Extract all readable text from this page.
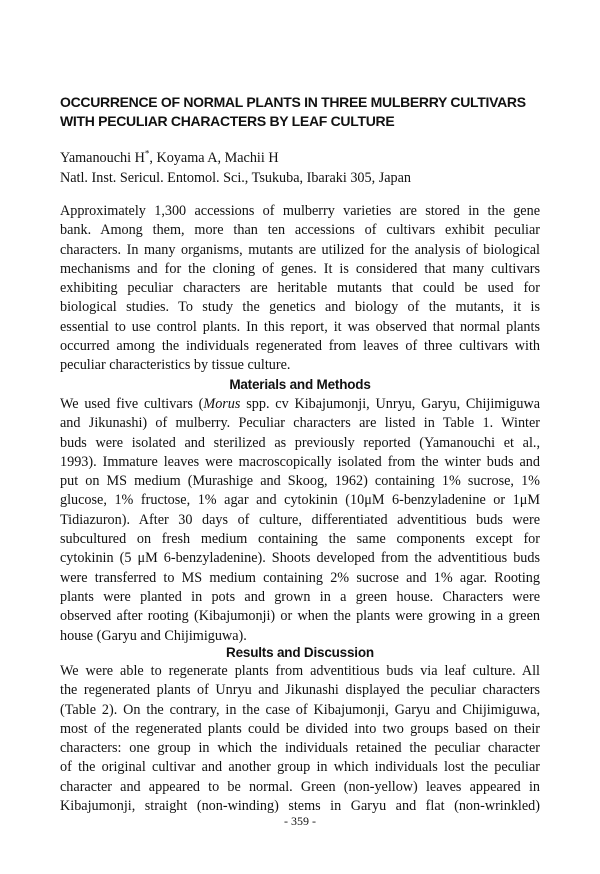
OCCURRENCE OF NORMAL PLANTS IN THREE MULBERRY CULTIVARS
WITH PECULIAR CHARACTERS BY LEAF CULTURE
Yamanouchi H*, Koyama A, Machii H
Natl. Inst. Sericul. Entomol. Sci., Tsukuba, Ibaraki 305, Japan
Approximately 1,300 accessions of mulberry varieties are stored in the gene
bank. Among them, more than ten accessions of cultivars exhibit peculiar
characters. In many organisms, mutants are utilized for the analysis of biological
mechanisms and for the cloning of genes. It is considered that many cultivars
exhibiting peculiar characters are heritable mutants that could be used for
biological studies. To study the genetics and biology of the mutants, it is
essential to use control plants. In this report, it was observed that normal plants
occurred among the individuals regenerated from leaves of three cultivars with
peculiar characteristics by tissue culture.
Materials and Methods
We used five cultivars (Morus spp. cv Kibajumonji, Unryu, Garyu, Chijimiguwa
and Jikunashi) of mulberry. Peculiar characters are listed in Table 1. Winter
buds were isolated and sterilized as previously reported (Yamanouchi et al.,
1993). Immature leaves were macroscopically isolated from the winter buds and
put on MS medium (Murashige and Skoog, 1962) containing 1% sucrose, 1%
glucose, 1% fructose, 1% agar and cytokinin (10μM 6-benzyladenine or 1μM
Tidiazuron). After 30 days of culture, differentiated adventitious buds were
subcultured on fresh medium containing the same components except for
cytokinin (5 μM 6-benzyladenine). Shoots developed from the adventitious buds
were transferred to MS medium containing 2% sucrose and 1% agar. Rooting
plants were planted in pots and grown in a green house. Characters were
observed after rooting (Kibajumonji) or when the plants were growing in a green
house (Garyu and Chijimiguwa).
Results and Discussion
We were able to regenerate plants from adventitious buds via leaf culture. All
the regenerated plants of Unryu and Jikunashi displayed the peculiar characters
(Table 2). On the contrary, in the case of Kibajumonji, Garyu and Chijimiguwa,
most of the regenerated plants could be divided into two groups based on their
characters: one group in which the individuals retained the peculiar character
of the original cultivar and another group in which individuals lost the peculiar
character and appeared to be normal. Green (non-yellow) leaves appeared in
Kibajumonji, straight (non-winding) stems in Garyu and flat (non-wrinkled)
- 359 -
